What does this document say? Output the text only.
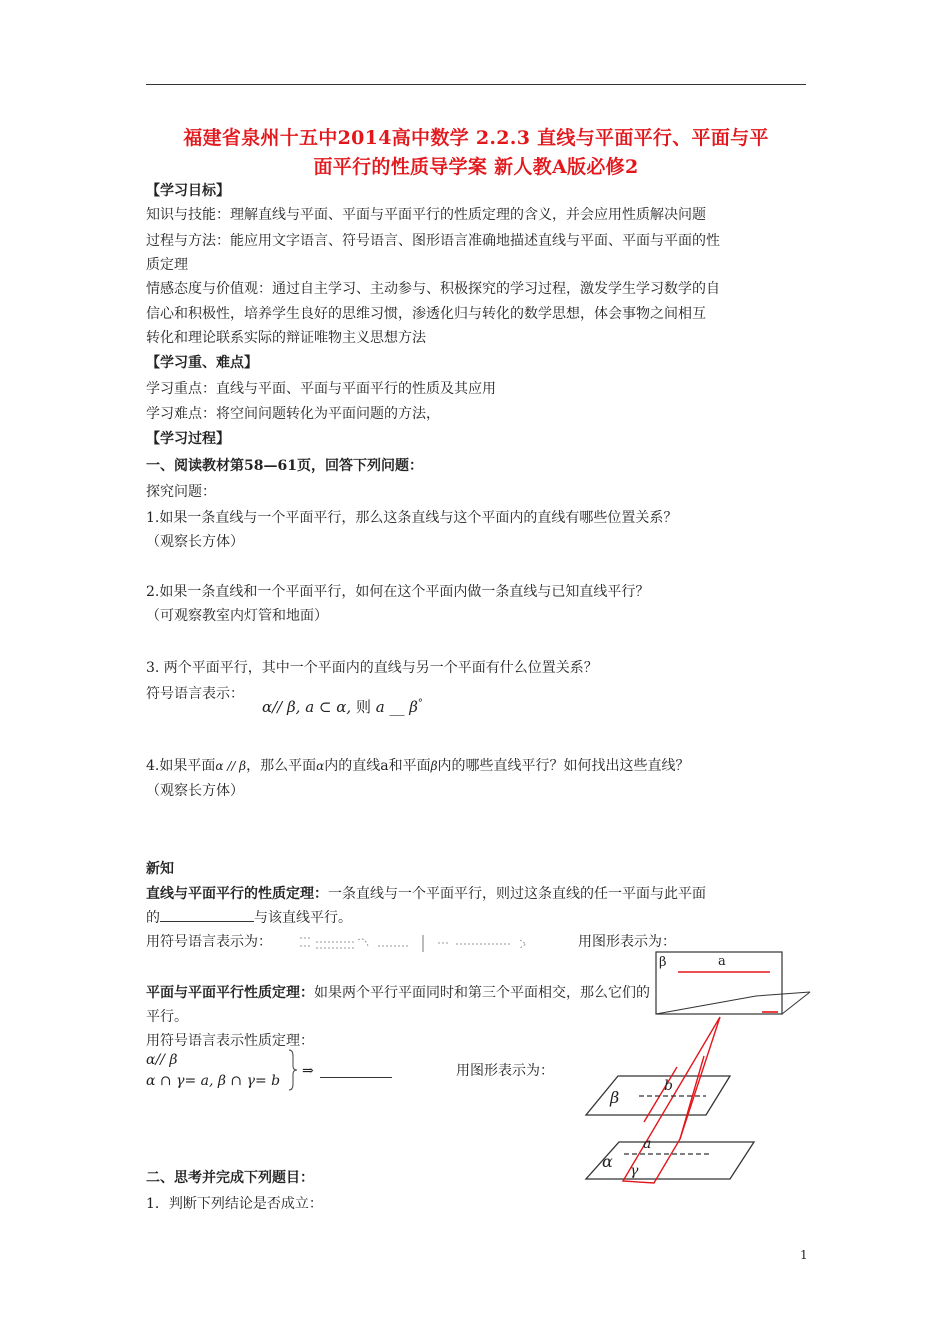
福建省泉州十五中2014高中数学 2.2.3 直线与平面平行、平面与平
面平行的性质导学案 新人教A版必修2
【学习目标】
知识与技能：理解直线与平面、平面与平面平行的性质定理的含义，并会应用性质解决问题
过程与方法：能应用文字语言、符号语言、图形语言准确地描述直线与平面、平面与平面的性
质定理
情感态度与价值观：通过自主学习、主动参与、积极探究的学习过程，激发学生学习数学的自
信心和积极性，培养学生良好的思维习惯，渗透化归与转化的数学思想，体会事物之间相互
转化和理论联系实际的辩证唯物主义思想方法
【学习重、难点】
学习重点：直线与平面、平面与平面平行的性质及其应用
学习难点：将空间问题转化为平面问题的方法，
【学习过程】
一、阅读教材第58—61页，回答下列问题：
探究问题：
1.如果一条直线与一个平面平行，那么这条直线与这个平面内的直线有哪些位置关系？
（观察长方体）
2.如果一条直线和一个平面平行，如何在这个平面内做一条直线与已知直线平行？
（可观察教室内灯管和地面）
3. 两个平面平行，其中一个平面内的直线与另一个平面有什么位置关系？
符号语言表示：
α// β, a ⊂ α, 则 a __ β°
4.如果平面α // β，那么平面α内的直线a和平面β内的哪些直线平行？如何找出这些直线？
（观察长方体）
新知
直线与平面平行的性质定理：一条直线与一个平面平行，则过这条直线的任一平面与此平面
的	与该直线平行。
用符号语言表示为：	用图形表示为：
β	a
平面与平面平行性质定理：如果两个平行平面同时和第三个平面相交，那么它们的
平行。
用符号语言表示性质定理：
α// β
α ∩ γ= a, β ∩ γ= b
⇒	用图形表示为：
β
b
a
α γ
二、思考并完成下列题目：
1．判断下列结论是否成立：
1
